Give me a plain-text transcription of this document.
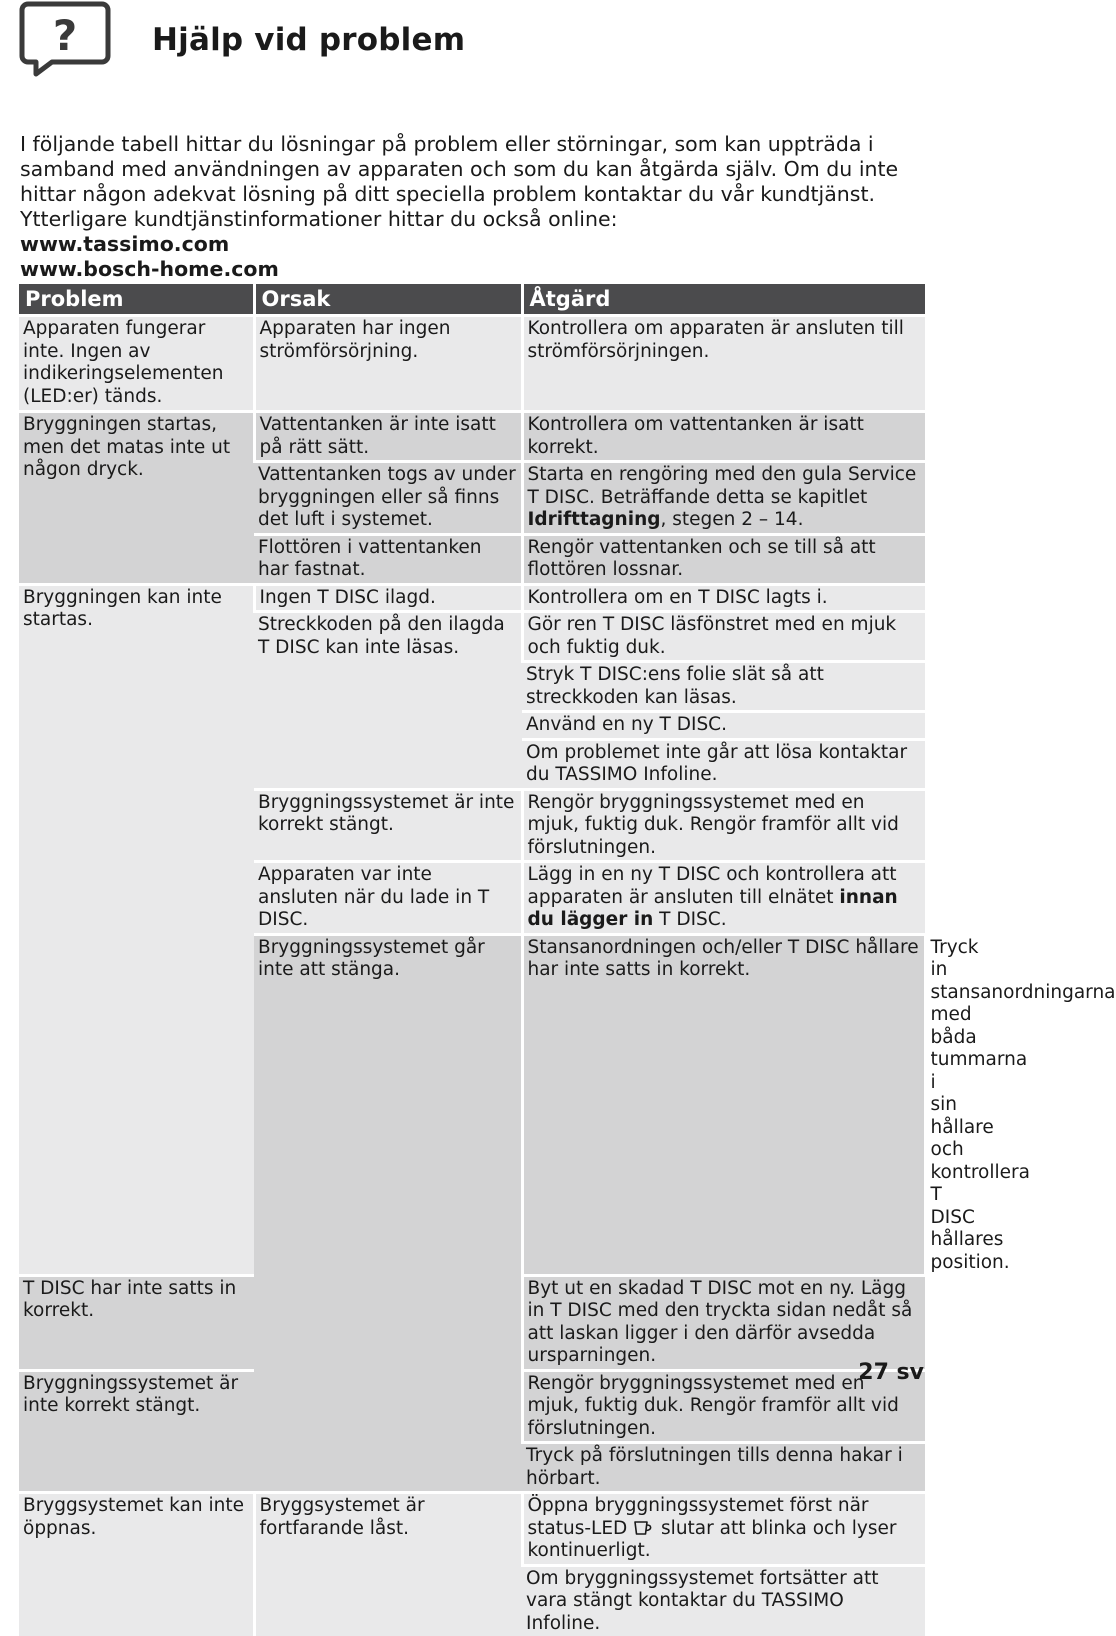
? Hjälp vid problem

I följande tabell hittar du lösningar på problem eller störningar, som kan uppträda i samband med användningen av apparaten och som du kan åtgärda själv. Om du inte hittar någon adekvat lösning på ditt speciella problem kontaktar du vår kundtjänst. Ytterligare kundtjänstinformationer hittar du också online:

www.tassimo.com
www.bosch-home.com
Problem	Orsak	Åtgärd	
Apparaten fungerar inte. Ingen av indikeringselementen (LED:er) tänds.	Apparaten har ingen strömförsörjning.	Kontrollera om apparaten är ansluten till strömförsörjningen.	
Bryggningen startas, men det matas inte ut någon dryck.	Vattentanken är inte isatt på rätt sätt.	Kontrollera om vattentanken är isatt korrekt.	
	Vattentanken togs av under bryggningen eller så finns det luft i systemet.	Starta en rengöring med den gula Service T DISC. Beträffande detta se kapitlet Idrifttagning, stegen 2 – 14.	
	Flottören i vattentanken har fastnat.	Rengör vattentanken och se till så att flottören lossnar.	
Bryggningen kan inte startas.	Ingen T DISC ilagd.	Kontrollera om en T DISC lagts i.	
	Streckkoden på den ilagda T DISC kan inte läsas.	Gör ren T DISC läsfönstret med en mjuk och fuktig duk.	
		Stryk T DISC:ens folie slät så att streckkoden kan läsas.	
		Använd en ny T DISC.	
		Om problemet inte går att lösa kontaktar du TASSIMO Infoline.	
	Bryggningssystemet är inte korrekt stängt.	Rengör bryggningssystemet med en mjuk, fuktig duk. Rengör framför allt vid förslutningen.	
	Apparaten var inte ansluten när du lade in T DISC.	Lägg in en ny T DISC och kontrollera att apparaten är ansluten till elnätet innan du lägger in T DISC.	
	Bryggningssystemet går inte att stänga.	Stansanordningen och/eller T DISC hållare har inte satts in korrekt.	Tryck in stansanordningarna med båda tummarna i sin hållare och kontrollera T DISC hållares position.
T DISC har inte satts in korrekt.		Byt ut en skadad T DISC mot en ny. Lägg in T DISC med den tryckta sidan nedåt så att laskan ligger i den därför avsedda ursparningen.	
Bryggningssystemet är inte korrekt stängt.		Rengör bryggningssystemet med en mjuk, fuktig duk. Rengör framför allt vid förslutningen.	
		Tryck på förslutningen tills denna hakar i hörbart.	
Bryggsystemet kan inte öppnas.	Bryggsystemet är fortfarande låst.	Öppna bryggningssystemet först när status-LED  slutar att blinka och lyser kontinuerligt.	
		Om bryggningssystemet fortsätter att vara stängt kontaktar du TASSIMO Infoline.	
27 sv
